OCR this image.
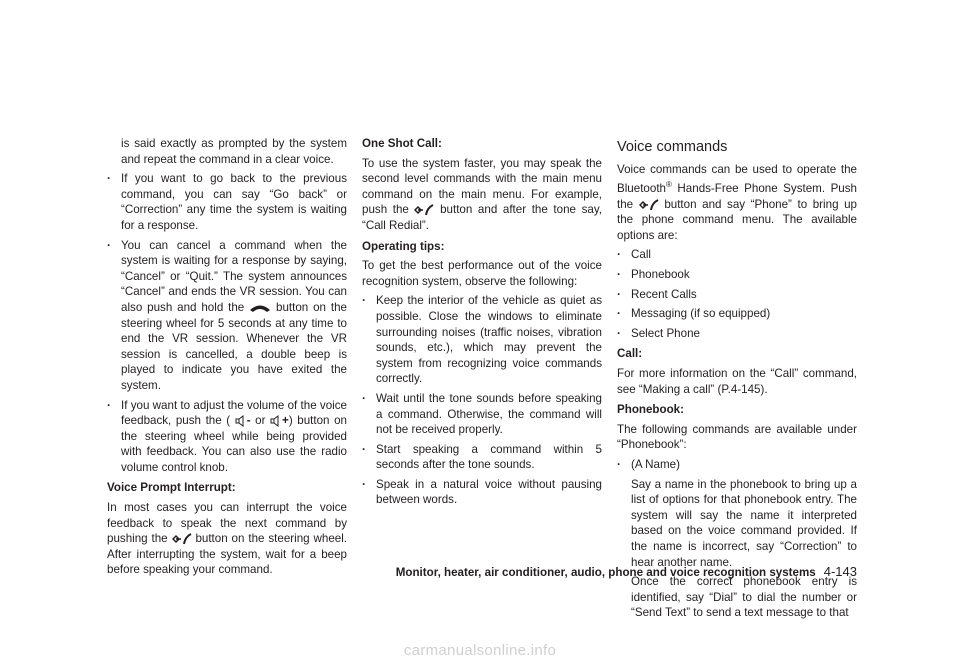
is said exactly as prompted by the system and repeat the command in a clear voice.

. If you want to go back to the previous command, you can say “Go back” or “Correction” any time the system is waiting for a response.
. You can cancel a command when the system is waiting for a response by saying, “Cancel” or “Quit.” The system announces “Cancel” and ends the VR session. You can also push and hold the	button on the steering wheel for 5 seconds at any time to end the VR session. Whenever the VR session is cancelled, a double beep is played to indicate you have exited the system.
. If you want to adjust the volume of the voice feedback, push the ( - or +) button on the steering wheel while being provided with feedback. You can also use the radio volume control knob.
Voice Prompt Interrupt:

In most cases you can interrupt the voice feedback to speak the next command by pushing the button on the steering wheel. After interrupting the system, wait for a beep before speaking your command.

One Shot Call:

To use the system faster, you may speak the second level commands with the main menu command on the main menu. For example, push the	button and after the tone say, “Call Redial”.

Operating tips:

To get the best performance out of the voice recognition system, observe the following:

. Keep the interior of the vehicle as quiet as possible. Close the windows to eliminate surrounding noises (traffic noises, vibration sounds, etc.), which may prevent the system from recognizing voice commands correctly.
. Wait until the tone sounds before speaking a command. Otherwise, the command will not be received properly.
. Start speaking a command within 5 seconds after the tone sounds.
. Speak in a natural voice without pausing between words.
Voice commands

Voice commands can be used to operate the Bluetooth® Hands-Free Phone System. Push the	button and say “Phone” to bring up the phone command menu. The available options are:

. Call
. Phonebook
. Recent Calls
. Messaging (if so equipped)
. Select Phone
Call:

For more information on the “Call” command, see “Making a call” (P.4-145).

Phonebook:

The following commands are available under “Phonebook”:

. (A Name)

Say a name in the phonebook to bring up a list of options for that phonebook entry. The system will say the name it interpreted based on the voice command provided. If the name is incorrect, say “Correction” to hear another name.

Once the correct phonebook entry is identified, say “Dial” to dial the number or “Send Text” to send a text message to that

Monitor, heater, air conditioner, audio, phone and voice recognition systems 4-143
carmanualsonline.info
